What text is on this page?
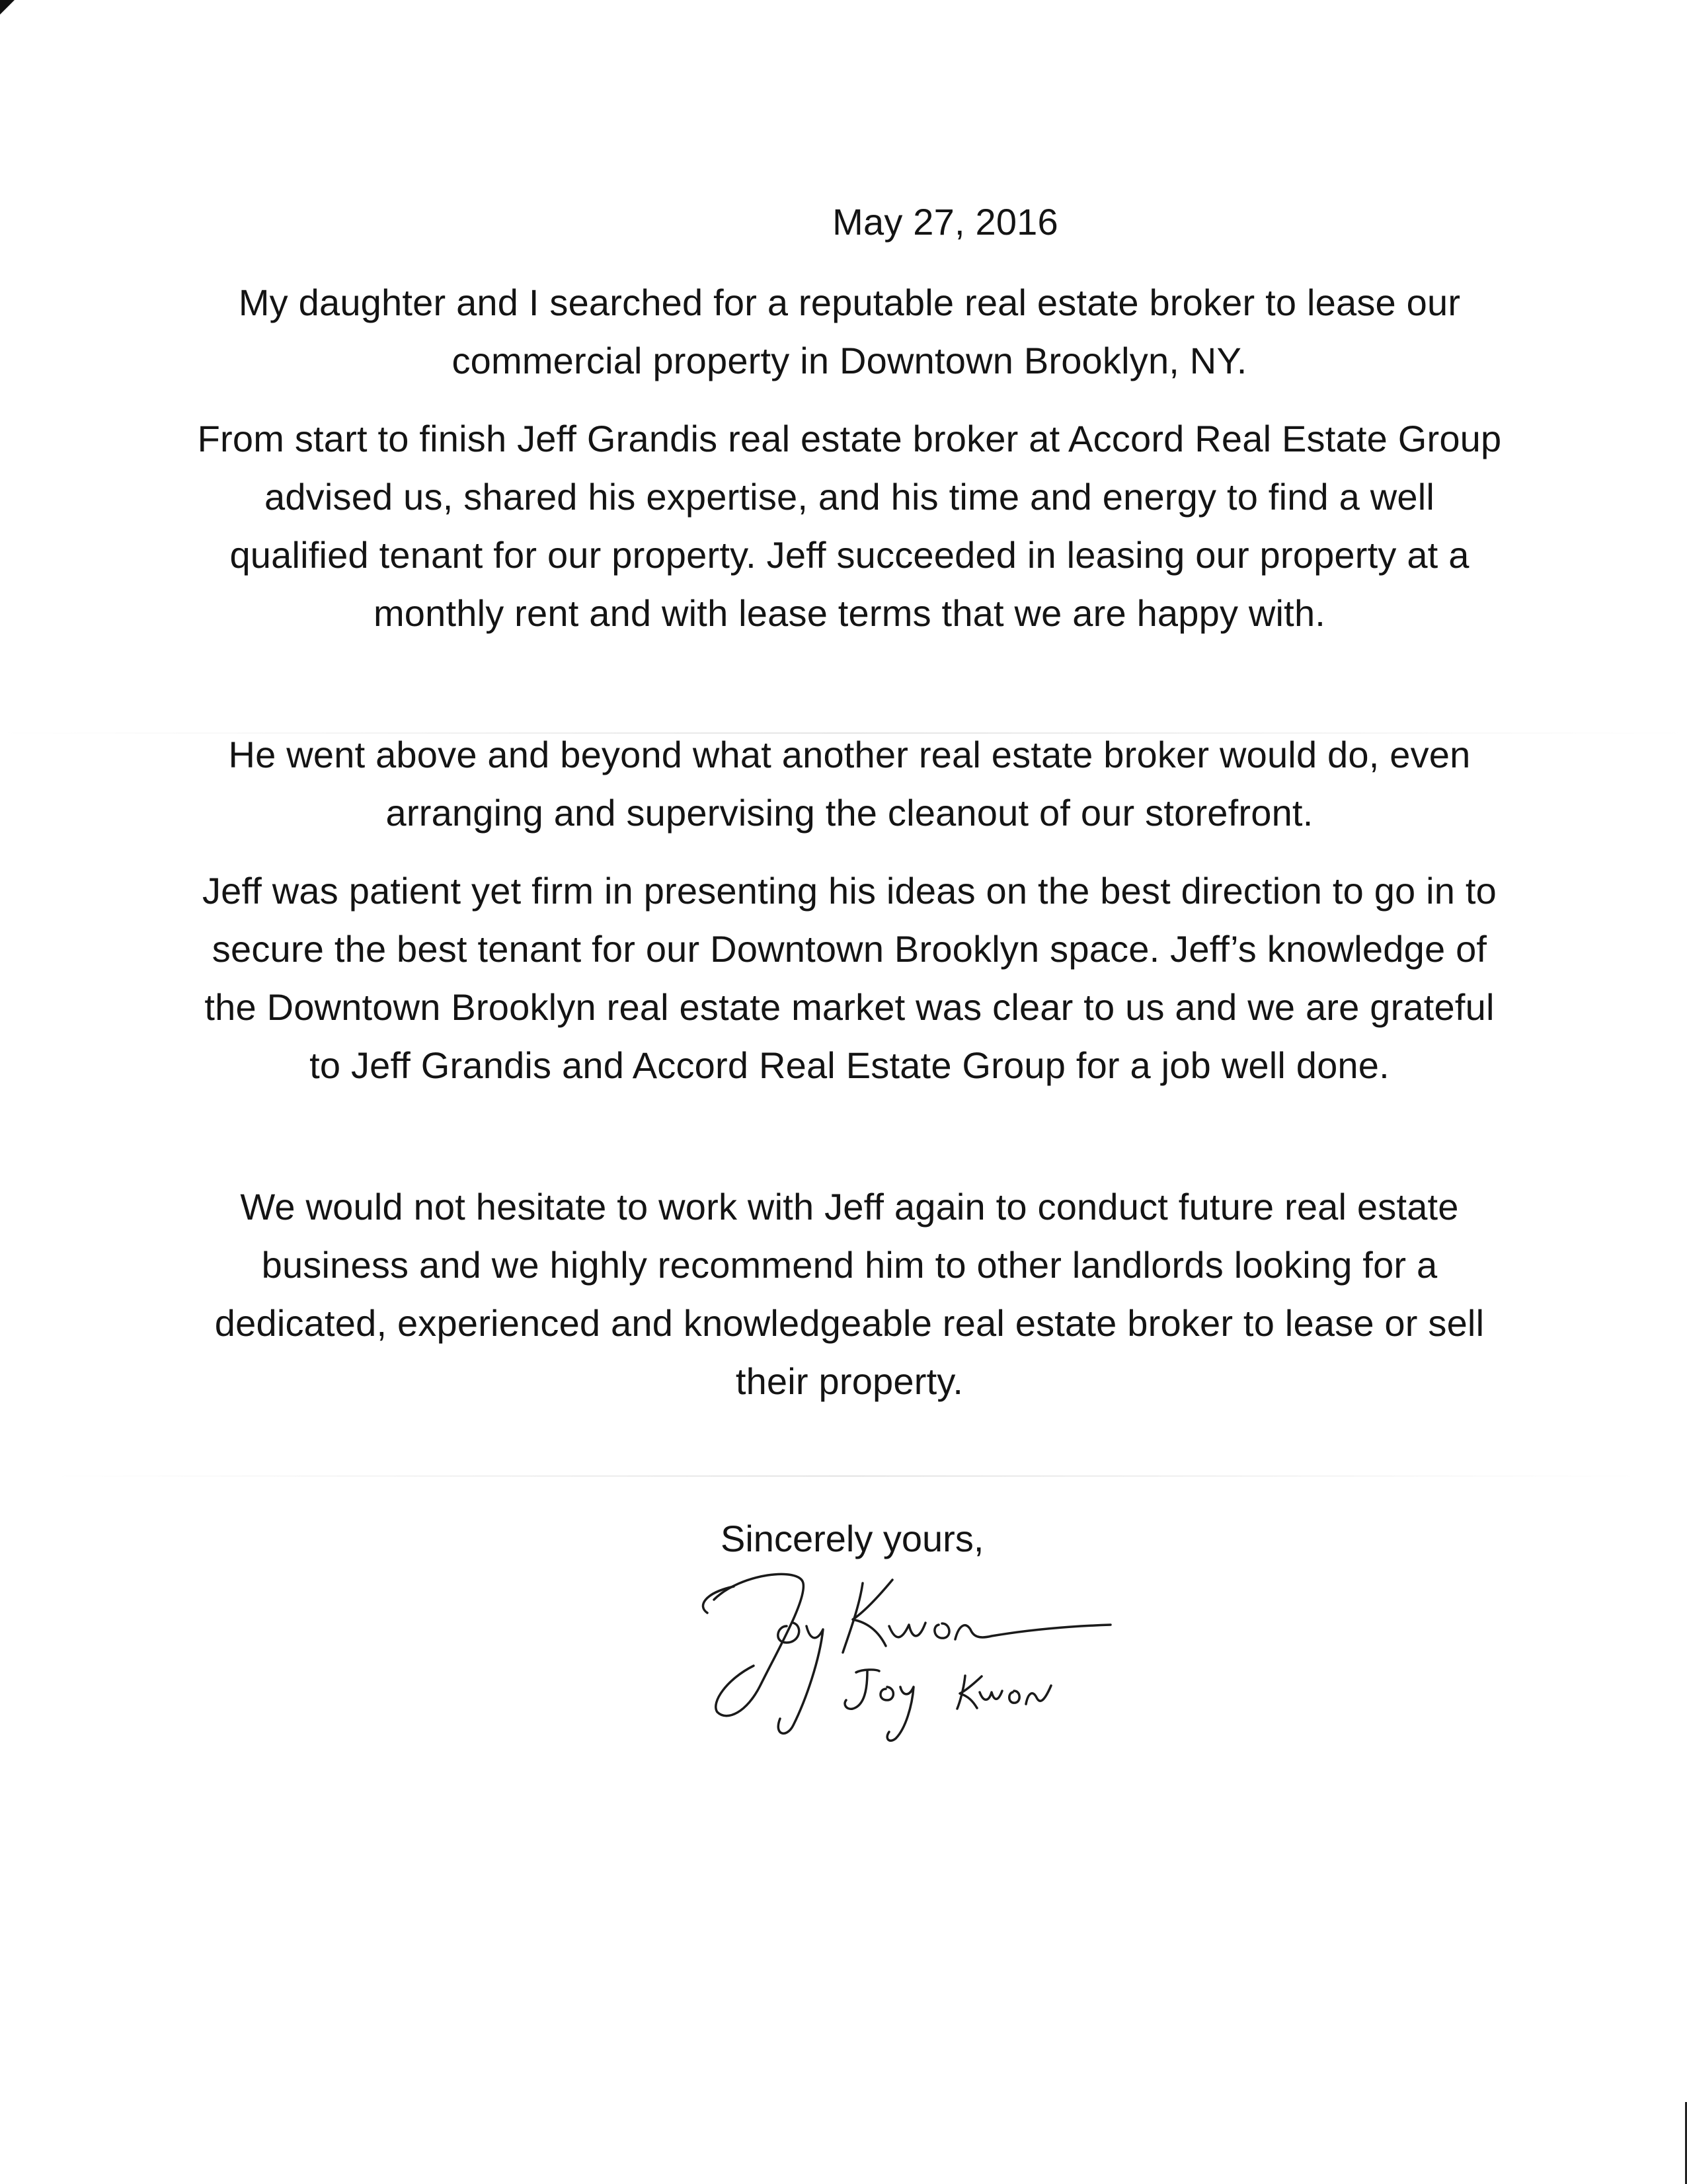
May 27, 2016
My daughter and I searched for a reputable real estate broker to lease our commercial property in Downtown Brooklyn, NY.
From start to finish Jeff Grandis real estate broker at Accord Real Estate Group advised us, shared his expertise, and his time and energy to find a well qualified tenant for our property. Jeff succeeded in leasing our property at a monthly rent and with lease terms that we are happy with.
He went above and beyond what another real estate broker would do, even arranging and supervising the cleanout of our storefront.
Jeff was patient yet firm in presenting his ideas on the best direction to go in to secure the best tenant for our Downtown Brooklyn space. Jeff’s knowledge of the Downtown Brooklyn real estate market was clear to us and we are grateful to Jeff Grandis and Accord Real Estate Group for a job well done.
We would not hesitate to work with Jeff again to conduct future real estate business and we highly recommend him to other landlords looking for a dedicated, experienced and knowledgeable real estate broker to lease or sell their property.
Sincerely yours,
